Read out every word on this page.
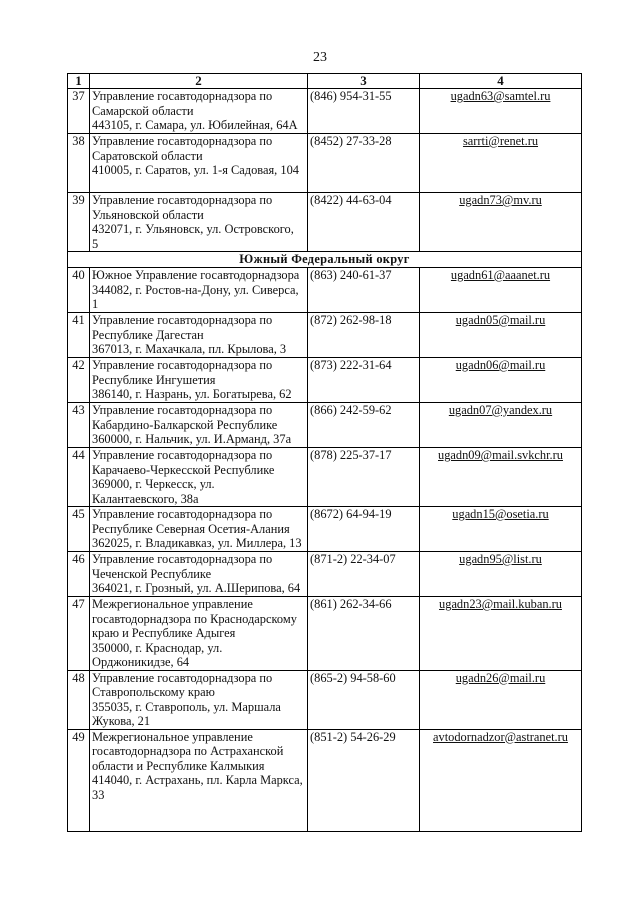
23
1	2	3	4
37	Управление госавтодорнадзора по
Самарской области
443105, г. Самара, ул. Юбилейная, 64А	(846) 954-31-55	ugadn63@samtel.ru
38	Управление госавтодорнадзора по
Саратовской области
410005, г. Саратов, ул. 1-я Садовая, 104	(8452) 27-33-28	sarrti@renet.ru
39	Управление госавтодорнадзора по
Ульяновской области
432071, г. Ульяновск, ул. Островского,
5	(8422) 44-63-04	ugadn73@mv.ru
Южный Федеральный округ			
40	Южное Управление госавтодорнадзора
344082, г. Ростов-на-Дону, ул. Сиверса,
1	(863) 240-61-37	ugadn61@aaanet.ru
41	Управление госавтодорнадзора по
Республике Дагестан
367013, г. Махачкала, пл. Крылова, 3	(872) 262-98-18	ugadn05@mail.ru
42	Управление госавтодорнадзора по
Республике Ингушетия
386140, г. Назрань, ул. Богатырева, 62	(873) 222-31-64	ugadn06@mail.ru
43	Управление госавтодорнадзора по
Кабардино-Балкарской Республике
360000, г. Нальчик, ул. И.Арманд, 37а	(866) 242-59-62	ugadn07@yandex.ru
44	Управление госавтодорнадзора по
Карачаево-Черкесской Республике
369000, г. Черкесск, ул.
Калантаевского, 38а	(878) 225-37-17	ugadn09@mail.svkchr.ru
45	Управление госавтодорнадзора по
Республике Северная Осетия-Алания
362025, г. Владикавказ, ул. Миллера, 13	(8672) 64-94-19	ugadn15@osetia.ru
46	Управление госавтодорнадзора по
Чеченской Республике
364021, г. Грозный, ул. А.Шерипова, 64	(871-2) 22-34-07	ugadn95@list.ru
47	Межрегиональное управление
госавтодорнадзора по Краснодарскому
краю и Республике Адыгея
350000, г. Краснодар, ул.
Орджоникидзе, 64	(861) 262-34-66	ugadn23@mail.kuban.ru
48	Управление госавтодорнадзора по
Ставропольскому краю
355035, г. Ставрополь, ул. Маршала
Жукова, 21	(865-2) 94-58-60	ugadn26@mail.ru
49	Межрегиональное управление
госавтодорнадзора по Астраханской
области и Республике Калмыкия
414040, г. Астрахань, пл. Карла Маркса,
33	(851-2) 54-26-29	avtodornadzor@astranet.ru
